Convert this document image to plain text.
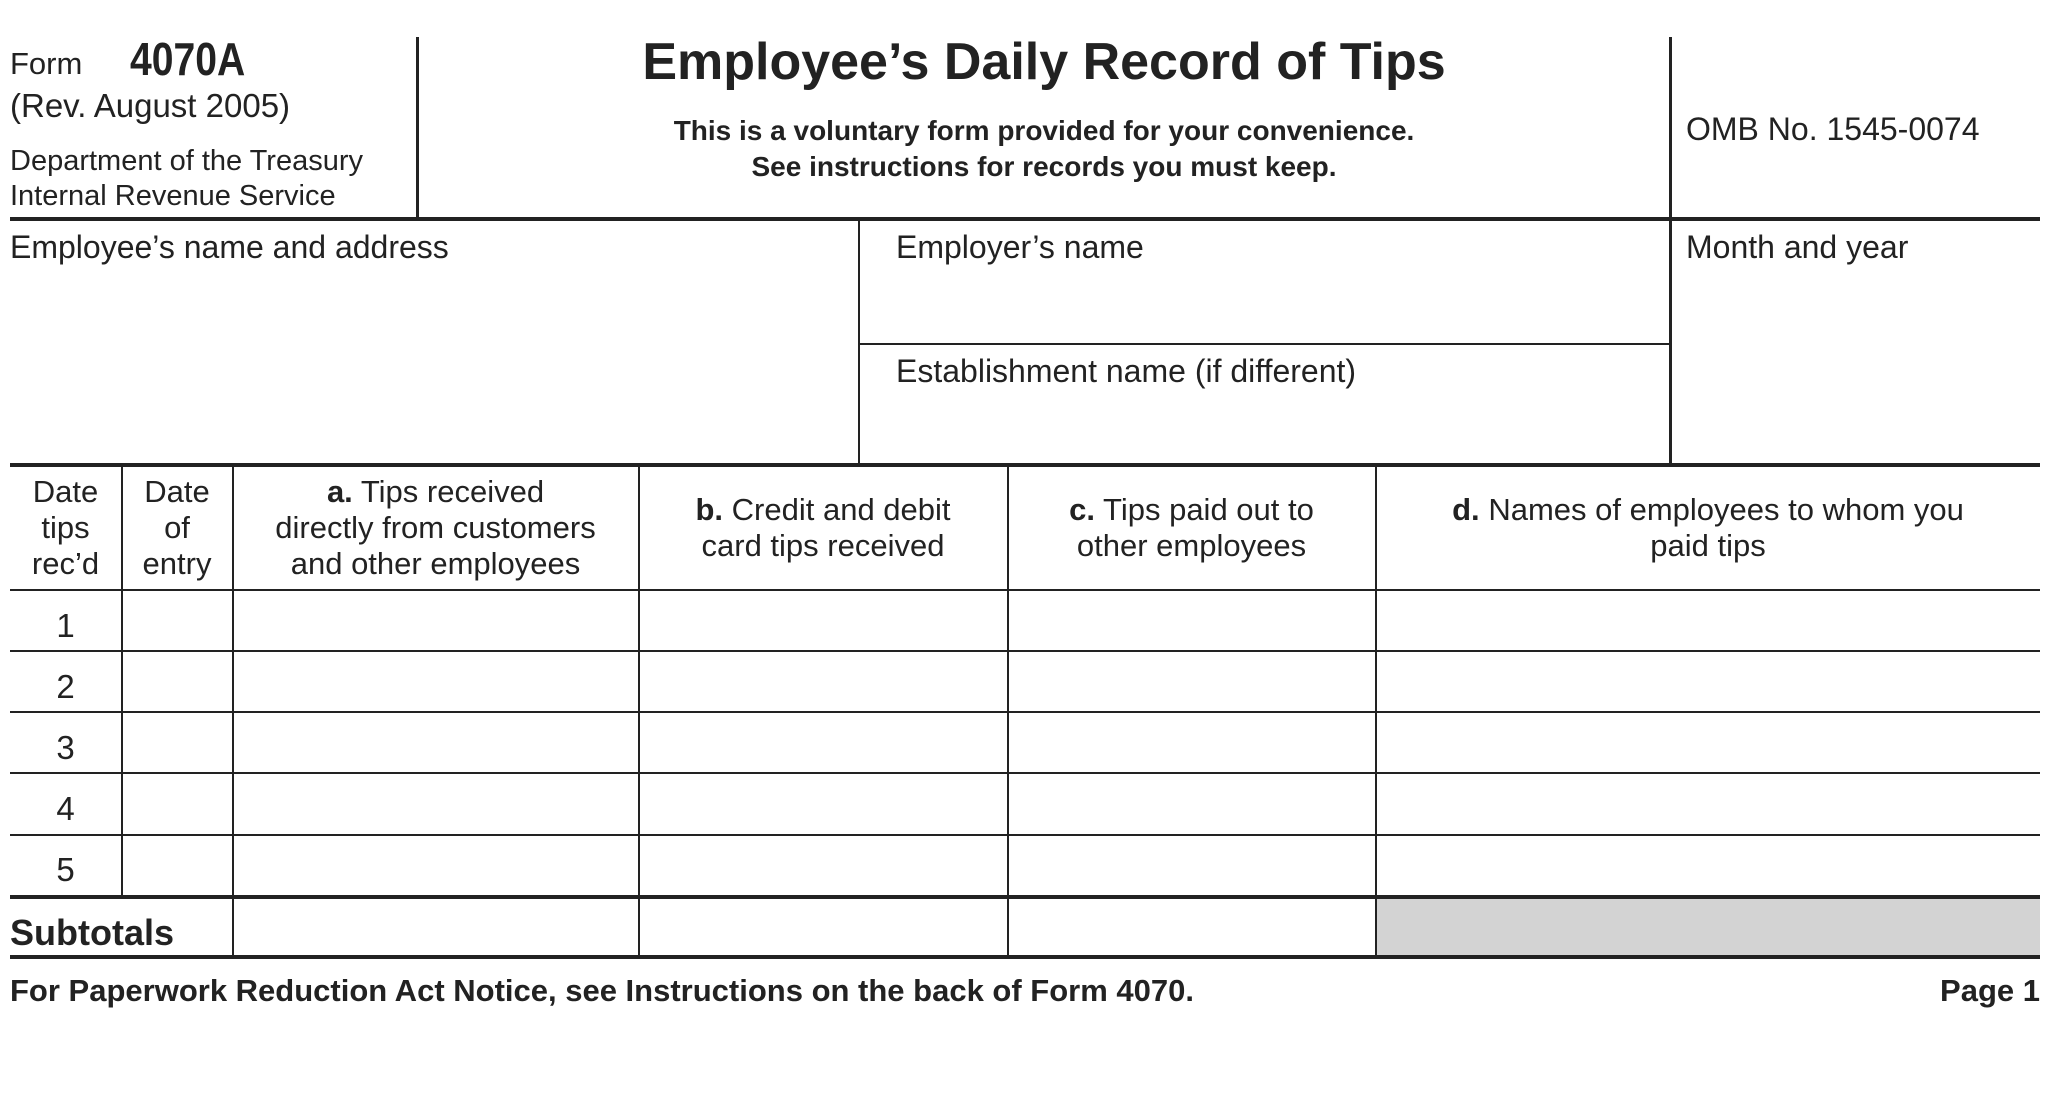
Form 4070A
(Rev. August 2005)
Department of the Treasury
Internal Revenue Service
Employee’s Daily Record of Tips
This is a voluntary form provided for your convenience.
See instructions for records you must keep.
OMB No. 1545-0074
Employee’s name and address	Employer’s name
Establishment name (if different)
Month and year
Date
tips
rec’d
Date
of
entry
a. Tips received
directly from customers
and other employees
b. Credit and debit
card tips received
c. Tips paid out to
other employees
d. Names of employees to whom you
paid tips
1
2
3
4
5
Subtotals
For Paperwork Reduction Act Notice, see Instructions on the back of Form 4070.	Page 1
